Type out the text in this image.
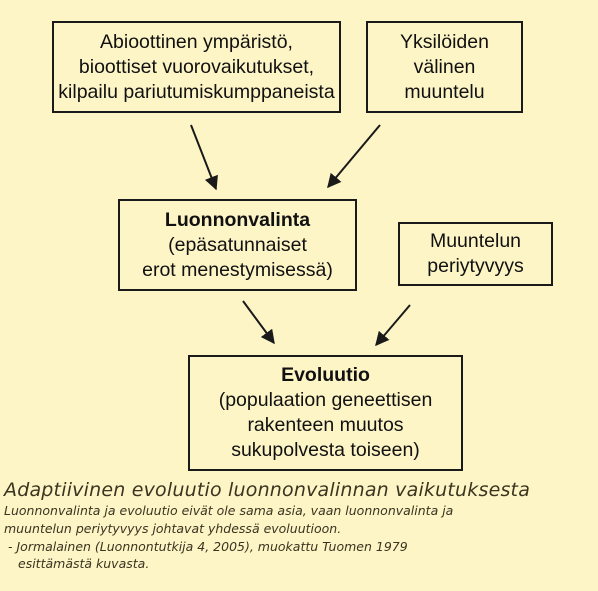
Abioottinen ympäristö,
bioottiset vuorovaikutukset,
kilpailu pariutumiskumppaneista
Yksilöiden
välinen
muuntelu
Luonnonvalinta
(epäsatunnaiset
erot menestymisessä)
Muuntelun
periytyvyys
Evoluutio
(populaation geneettisen
rakenteen muutos
sukupolvesta toiseen)
Adaptiivinen evoluutio luonnonvalinnan vaikutuksesta
Luonnonvalinta ja evoluutio eivät ole sama asia, vaan luonnonvalinta ja
muuntelun periytyvyys johtavat yhdessä evoluutioon.
- Jormalainen (Luonnontutkija 4, 2005), muokattu Tuomen 1979
esittämästä kuvasta.
